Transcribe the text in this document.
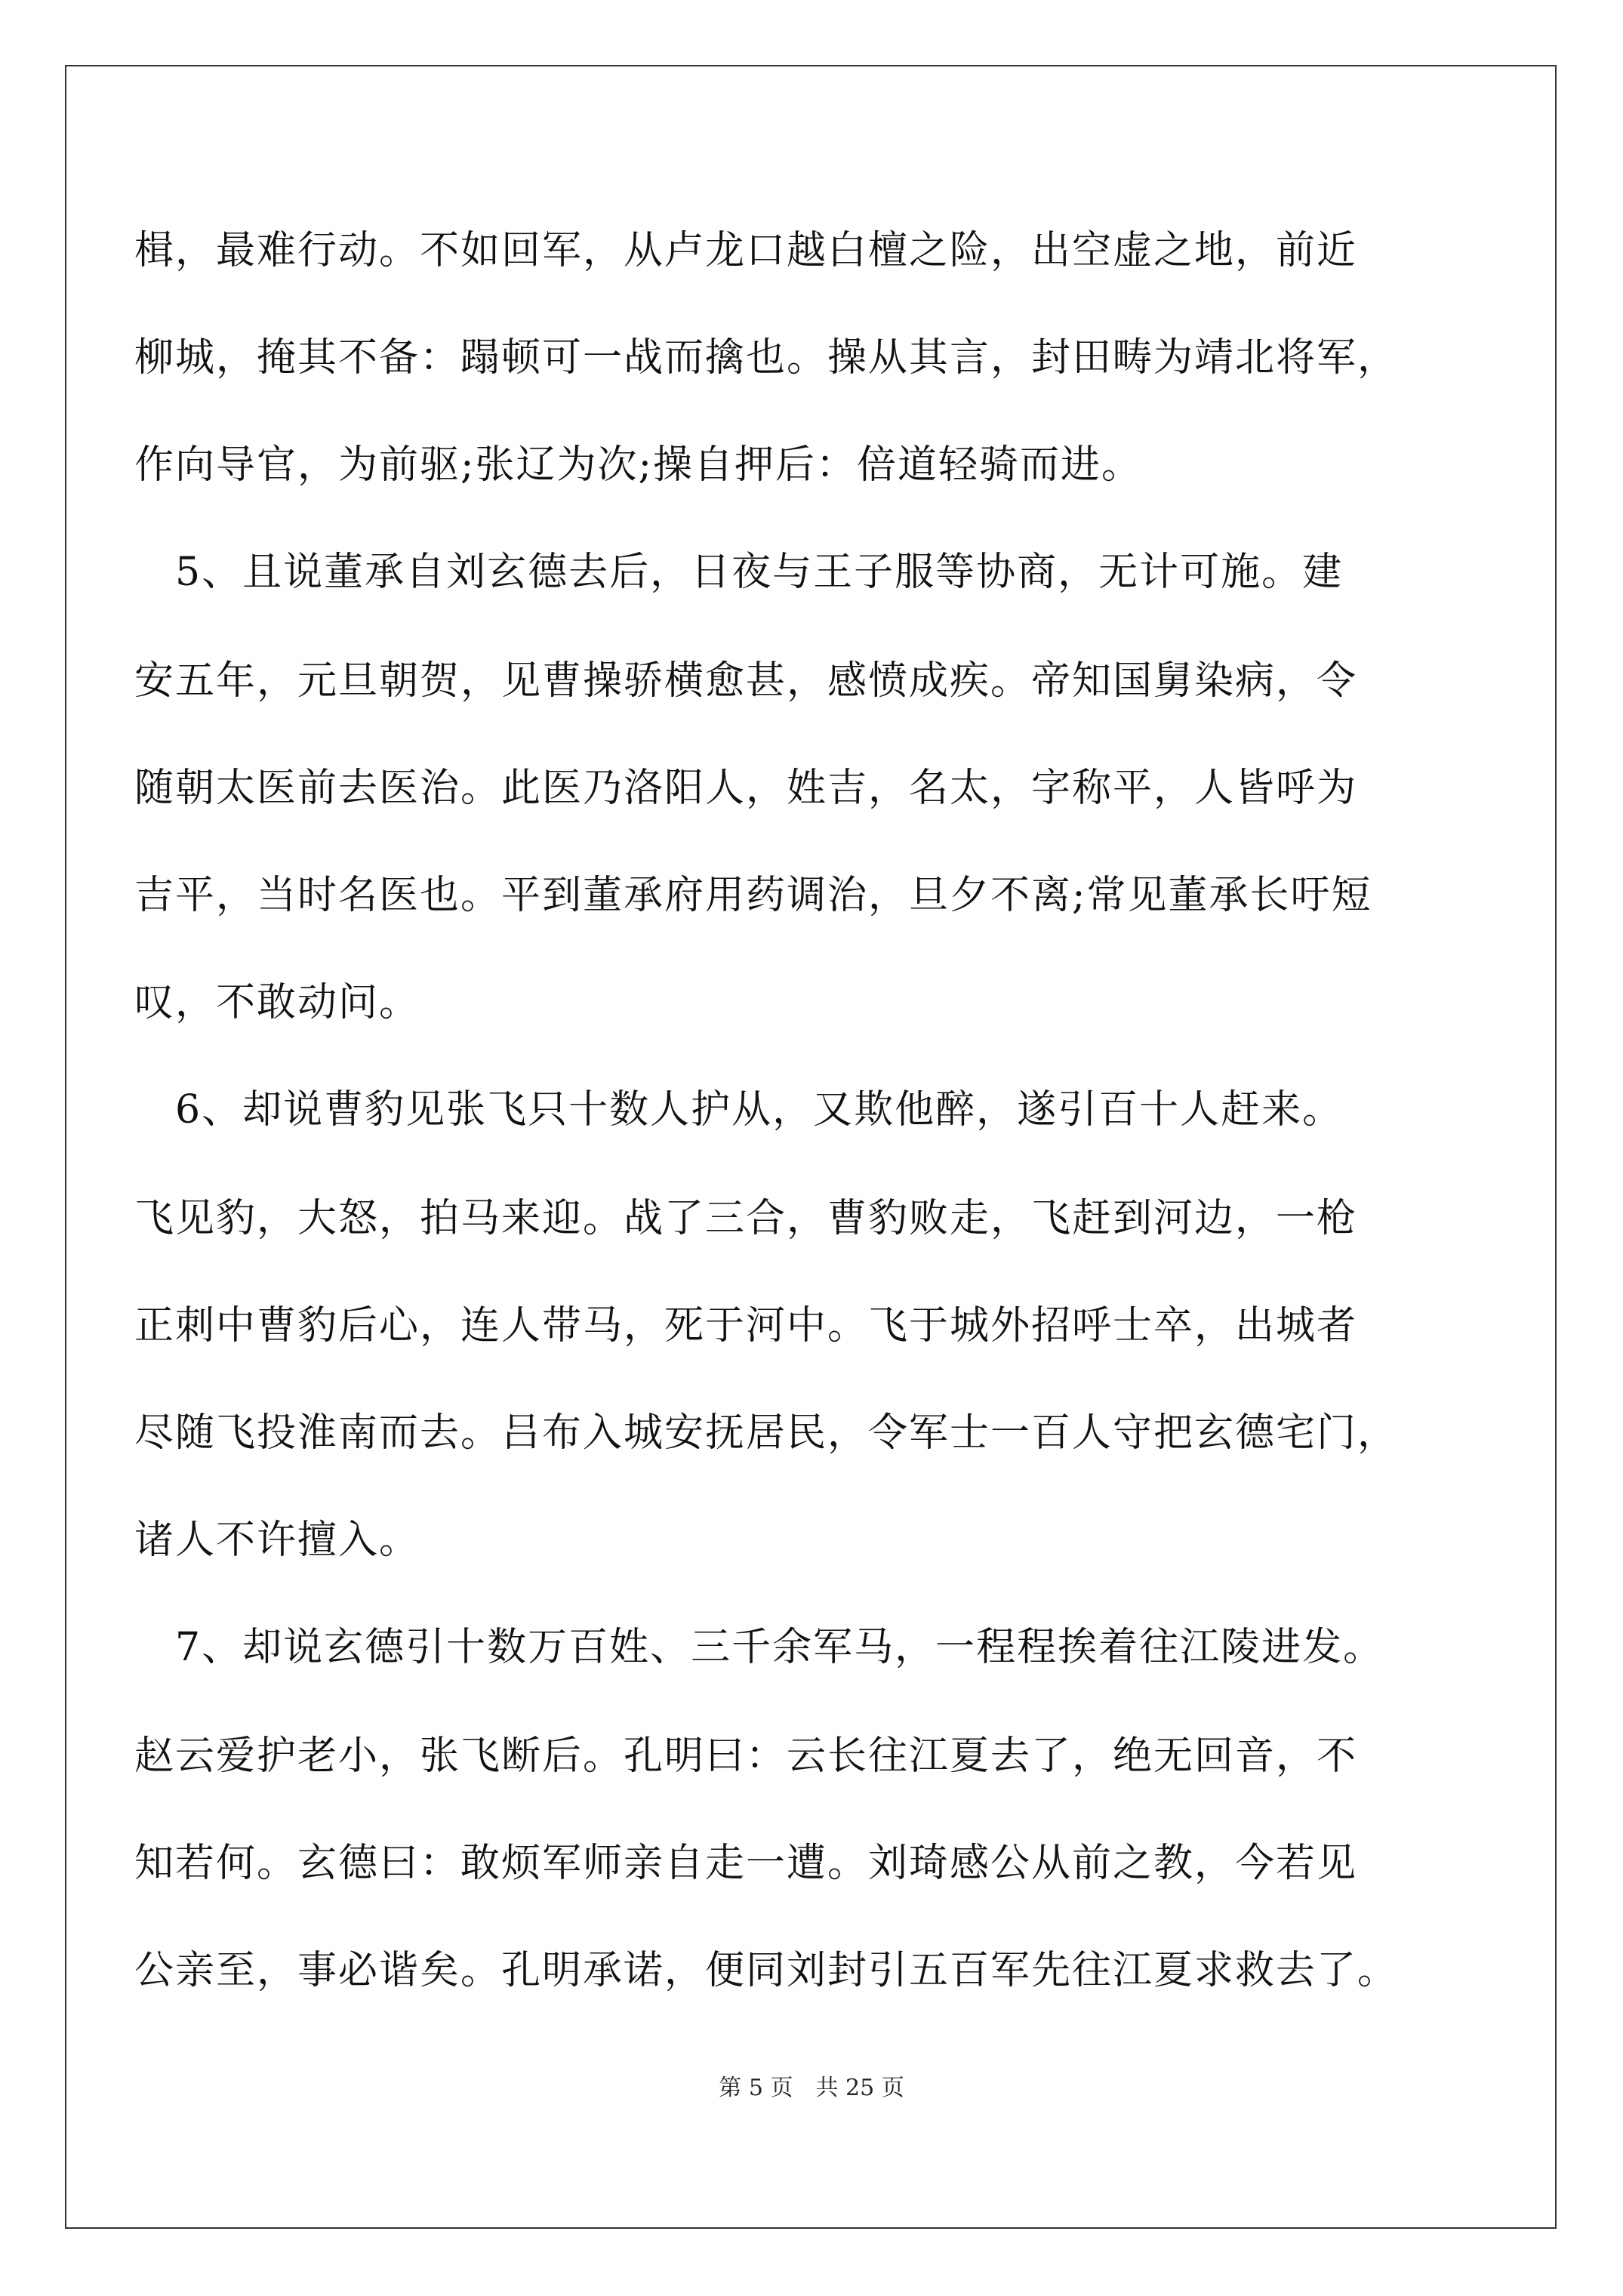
楫，最难行动。不如回军，从卢龙口越白檀之险，出空虚之地，前近
柳城，掩其不备：蹋顿可一战而擒也。操从其言，封田畴为靖北将军，
作向导官，为前驱;张辽为次;操自押后：倍道轻骑而进。
　5、且说董承自刘玄德去后，日夜与王子服等协商，无计可施。建
安五年，元旦朝贺，见曹操骄横愈甚，感愤成疾。帝知国舅染病，令
随朝太医前去医治。此医乃洛阳人，姓吉，名太，字称平，人皆呼为
吉平，当时名医也。平到董承府用药调治，旦夕不离;常见董承长吁短
叹，不敢动问。
　6、却说曹豹见张飞只十数人护从，又欺他醉，遂引百十人赶来。
飞见豹，大怒，拍马来迎。战了三合，曹豹败走，飞赶到河边，一枪
正刺中曹豹后心，连人带马，死于河中。飞于城外招呼士卒，出城者
尽随飞投淮南而去。吕布入城安抚居民，令军士一百人守把玄德宅门，
诸人不许擅入。
　7、却说玄德引十数万百姓、三千余军马，一程程挨着往江陵进发。
赵云爱护老小，张飞断后。孔明曰：云长往江夏去了，绝无回音，不
知若何。玄德曰：敢烦军师亲自走一遭。刘琦感公从前之教，今若见
公亲至，事必谐矣。孔明承诺，便同刘封引五百军先往江夏求救去了。
第 5 页　共 25 页
